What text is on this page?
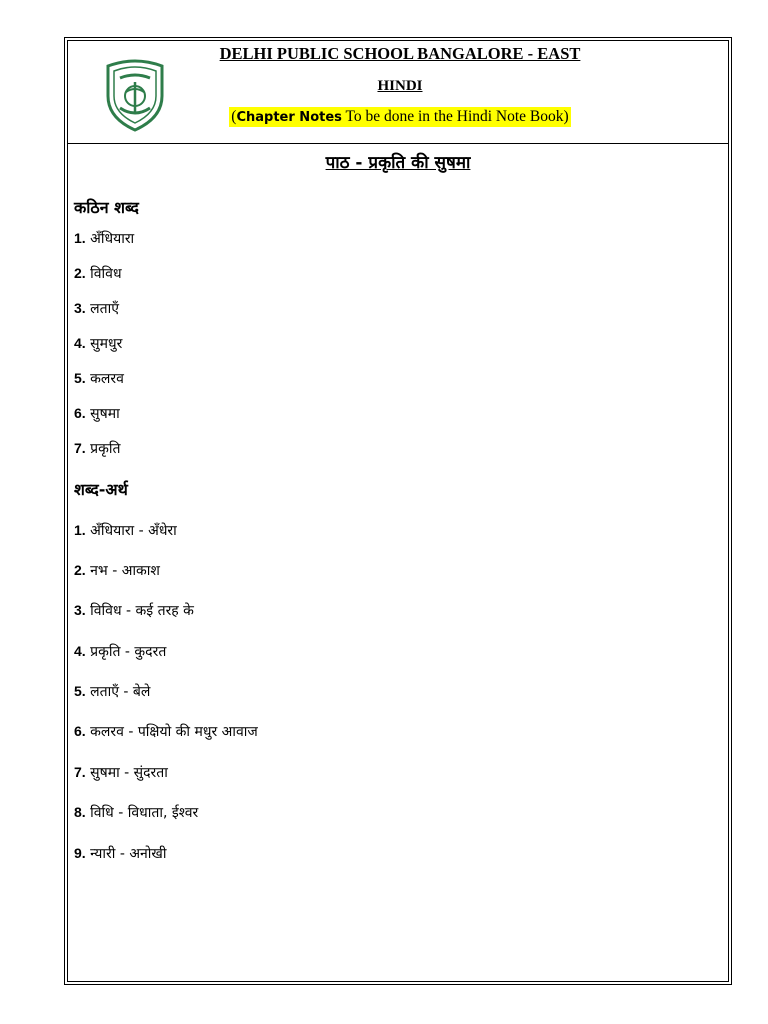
DELHI PUBLIC SCHOOL BANGALORE - EAST
HINDI
(Chapter Notes To be done in the Hindi Note Book)
पाठ - प्रकृति की सुषमा
कठिन शब्द
1. अँधियारा
2. विविध
3. लताएँ
4. सुमधुर
5. कलरव
6. सुषमा
7. प्रकृति
शब्द-अर्थ
1. अँधियारा - अँधेरा
2. नभ - आकाश
3. विविध - कई तरह के
4. प्रकृति - कुदरत
5. लताएँ - बेले
6. कलरव - पक्षियो की मधुर आवाज
7. सुषमा - सुंदरता
8. विधि - विधाता, ईश्वर
9. न्यारी - अनोखी
